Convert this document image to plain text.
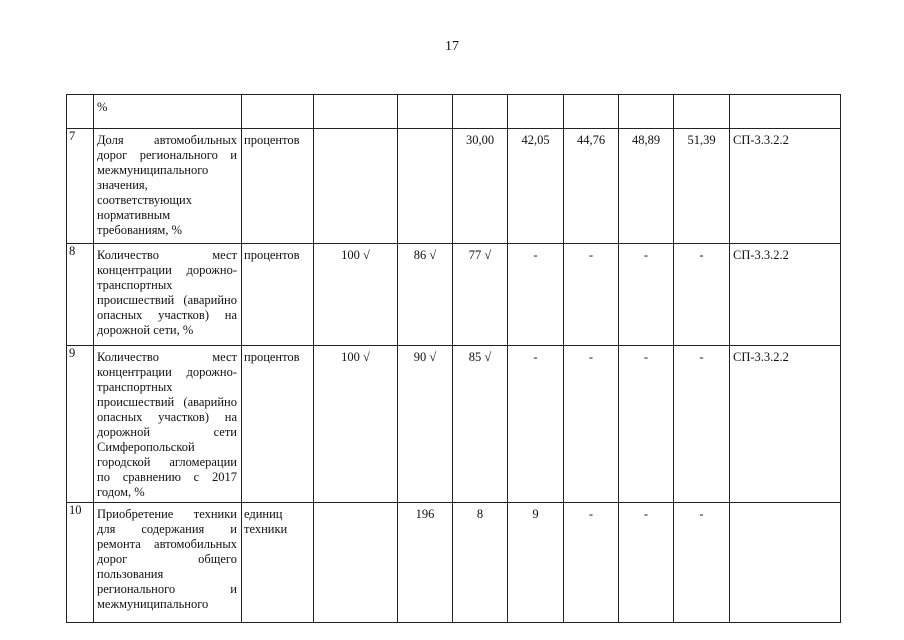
17
	%									
7	Доля автомобильных дорог регионального и межмуниципального значения, соответствующих нормативным требованиям, %	процентов			30,00	42,05	44,76	48,89	51,39	СП-3.3.2.2
8	Количество мест концентрации дорожно-транспортных происшествий (аварийно опасных участков) на дорожной сети, %	процентов	100 √	86 √	77 √	-	-	-	-	СП-3.3.2.2
9	Количество мест концентрации дорожно-транспортных происшествий (аварийно опасных участков) на дорожной сети Симферопольской городской агломерации по сравнению с 2017 годом, %	процентов	100 √	90 √	85 √	-	-	-	-	СП-3.3.2.2
10	Приобретение техники для содержания и ремонта автомобильных дорог общего пользования регионального и межмуниципального	единиц техники		196	8	9	-	-	-	
